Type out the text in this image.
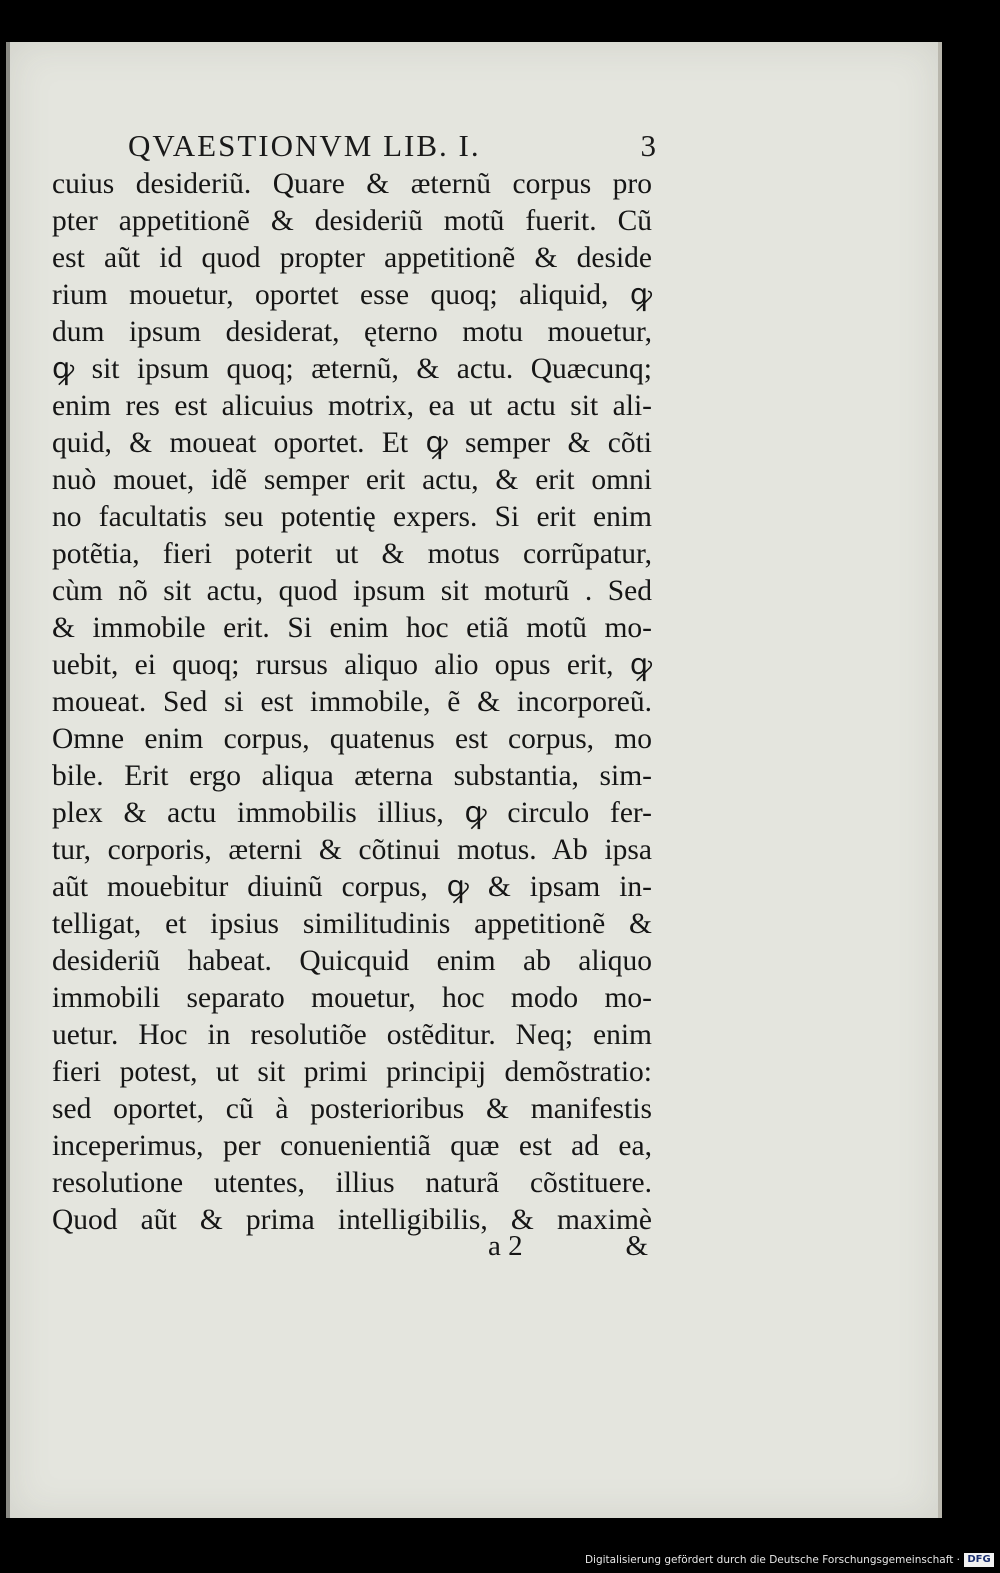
QVAESTIONVM LIB. I.	3
cuius desideriũ. Quare & æternũ corpus pro
pter appetitionẽ & desideriũ motũ fuerit. Cũ
est aũt id quod propter appetitionẽ & deside
rium mouetur, oportet esse quoq; aliquid, ꝙ
dum ipsum desiderat, ęterno motu mouetur,
ꝙ sit ipsum quoq; æternũ, & actu. Quæcunq;
enim res est alicuius motrix, ea ut actu sit ali-
quid, & moueat oportet. Et ꝙ semper & cõti
nuò mouet, idẽ semper erit actu, & erit omni
no facultatis seu potentię expers. Si erit enim
potẽtia, fieri poterit ut & motus corrũpatur,
cùm nõ sit actu, quod ipsum sit moturũ . Sed
& immobile erit. Si enim hoc etiã motũ mo-
uebit, ei quoq; rursus aliquo alio opus erit, ꝙ
moueat. Sed si est immobile, ẽ & incorporeũ.
Omne enim corpus, quatenus est corpus, mo
bile. Erit ergo aliqua æterna substantia, sim-
plex & actu immobilis illius, ꝙ circulo fer-
tur, corporis, æterni & cõtinui motus. Ab ipsa
aũt mouebitur diuinũ corpus, ꝙ & ipsam in-
telligat, et ipsius similitudinis appetitionẽ &
desideriũ habeat. Quicquid enim ab aliquo
immobili separato mouetur, hoc modo mo-
uetur. Hoc in resolutiõe ostẽditur. Neq; enim
fieri potest, ut sit primi principij demõstratio:
sed oportet, cũ à posterioribus & manifestis
inceperimus, per conuenientiã quæ est ad ea,
resolutione utentes, illius naturã cõstituere.
Quod aũt & prima intelligibilis, & maximè
a 2	&
Digitalisierung gefördert durch die Deutsche Forschungsgemeinschaft · DFG
